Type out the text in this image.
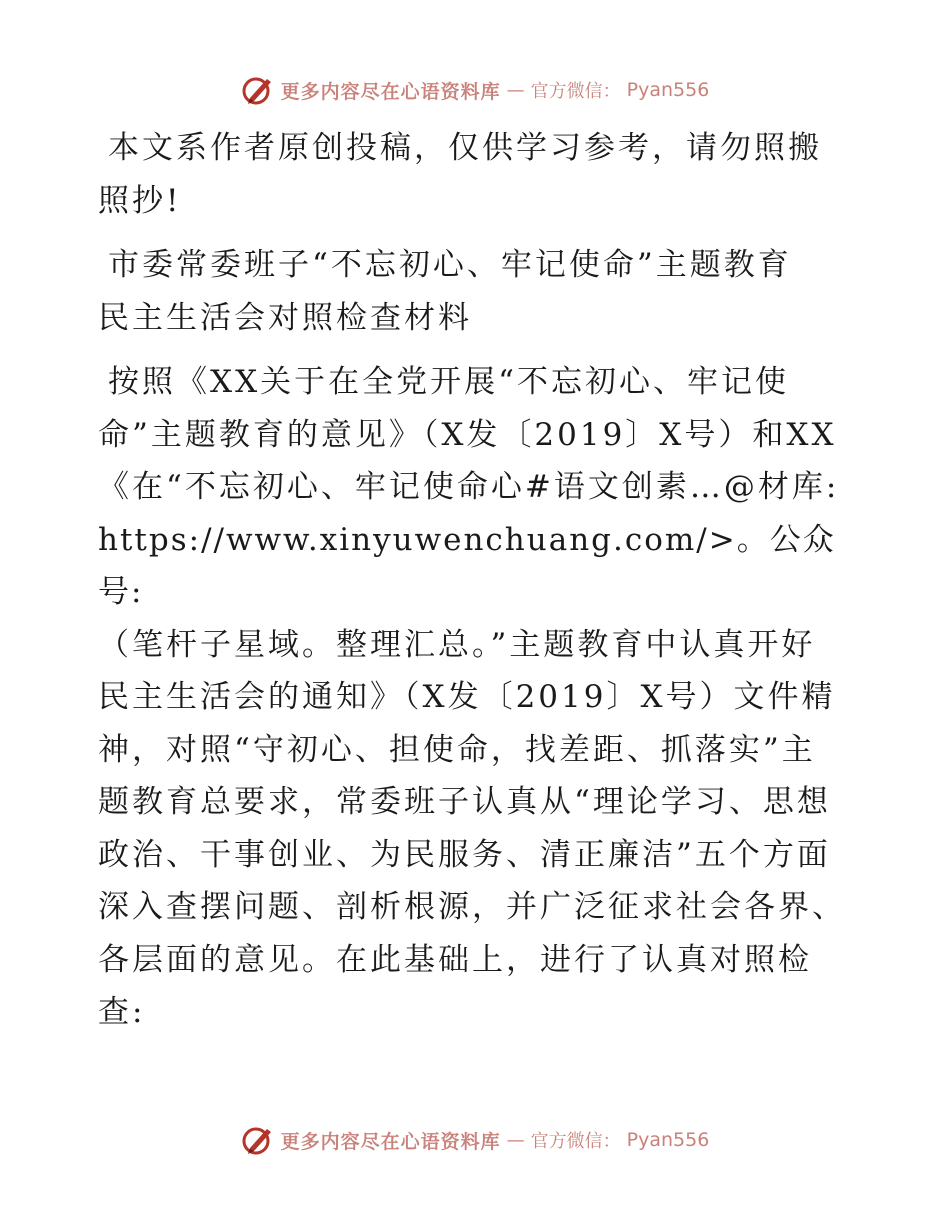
更多内容尽在心语资料库 — 官方微信： Pyan556

本文系作者原创投稿，仅供学习参考，请勿照搬
照抄!

市委常委班子“不忘初心、牢记使命”主题教育
民主生活会对照检查材料

按照《XX关于在全党开展“不忘初心、牢记使
命”主题教育的意见》（X发〔2019〕X号）和XX
《在“不忘初心、牢记使命心#语文创素…@材库:
https://www.xinyuwenchuang.com/>。公众号:
（笔杆子星域。整理汇总。”主题教育中认真开好
民主生活会的通知》（X发〔2019〕X号）文件精
神，对照“守初心、担使命，找差距、抓落实”主
题教育总要求，常委班子认真从“理论学习、思想
政治、干事创业、为民服务、清正廉洁”五个方面
深入查摆问题、剖析根源，并广泛征求社会各界、
各层面的意见。在此基础上，进行了认真对照检
查:

更多内容尽在心语资料库 — 官方微信： Pyan556
